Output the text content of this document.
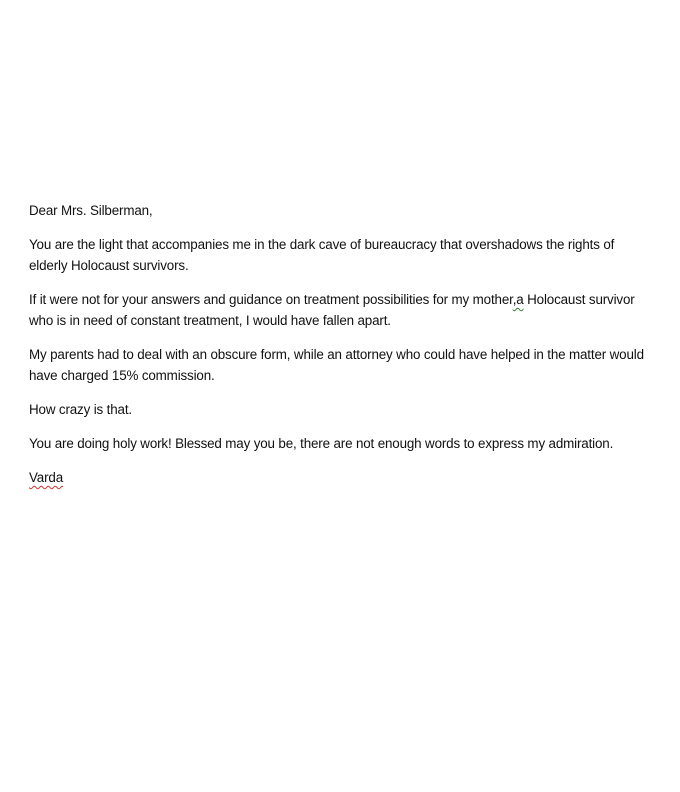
Dear Mrs. Silberman,

You are the light that accompanies me in the dark cave of bureaucracy that overshadows the rights of elderly Holocaust survivors.

If it were not for your answers and guidance on treatment possibilities for my mother,a Holocaust survivor who is in need of constant treatment, I would have fallen apart.

My parents had to deal with an obscure form, while an attorney who could have helped in the matter would have charged 15% commission.

How crazy is that.

You are doing holy work! Blessed may you be, there are not enough words to express my admiration.

Varda
